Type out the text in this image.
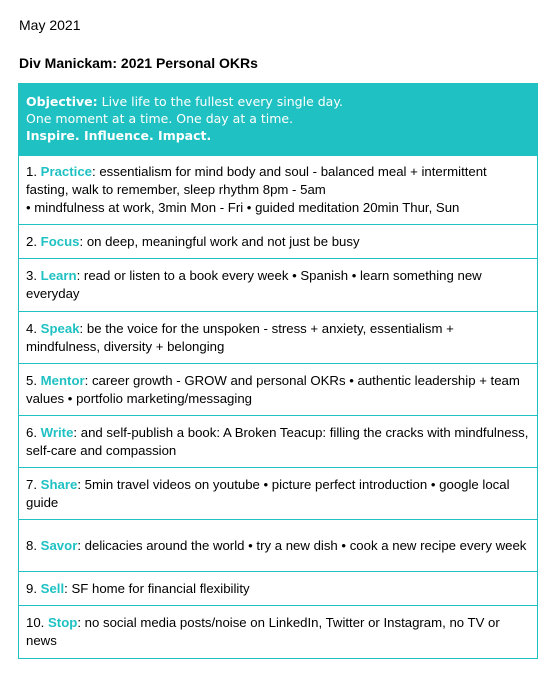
May 2021
Div Manickam: 2021 Personal OKRs
Objective: Live life to the fullest every single day.
One moment at a time. One day at a time.
Inspire. Influence. Impact.
1. Practice: essentialism for mind body and soul - balanced meal + intermittent fasting, walk to remember, sleep rhythm 8pm - 5am
• mindfulness at work, 3min Mon - Fri • guided meditation 20min Thur, Sun
2. Focus: on deep, meaningful work and not just be busy
3. Learn: read or listen to a book every week • Spanish • learn something new everyday
4. Speak: be the voice for the unspoken - stress + anxiety, essentialism + mindfulness, diversity + belonging
5. Mentor: career growth - GROW and personal OKRs • authentic leadership + team values • portfolio marketing/messaging
6. Write: and self-publish a book: A Broken Teacup: filling the cracks with mindfulness, self-care and compassion
7. Share: 5min travel videos on youtube • picture perfect introduction • google local guide
8. Savor: delicacies around the world • try a new dish • cook a new recipe every week
9. Sell: SF home for financial flexibility
10. Stop: no social media posts/noise on LinkedIn, Twitter or Instagram, no TV or news
